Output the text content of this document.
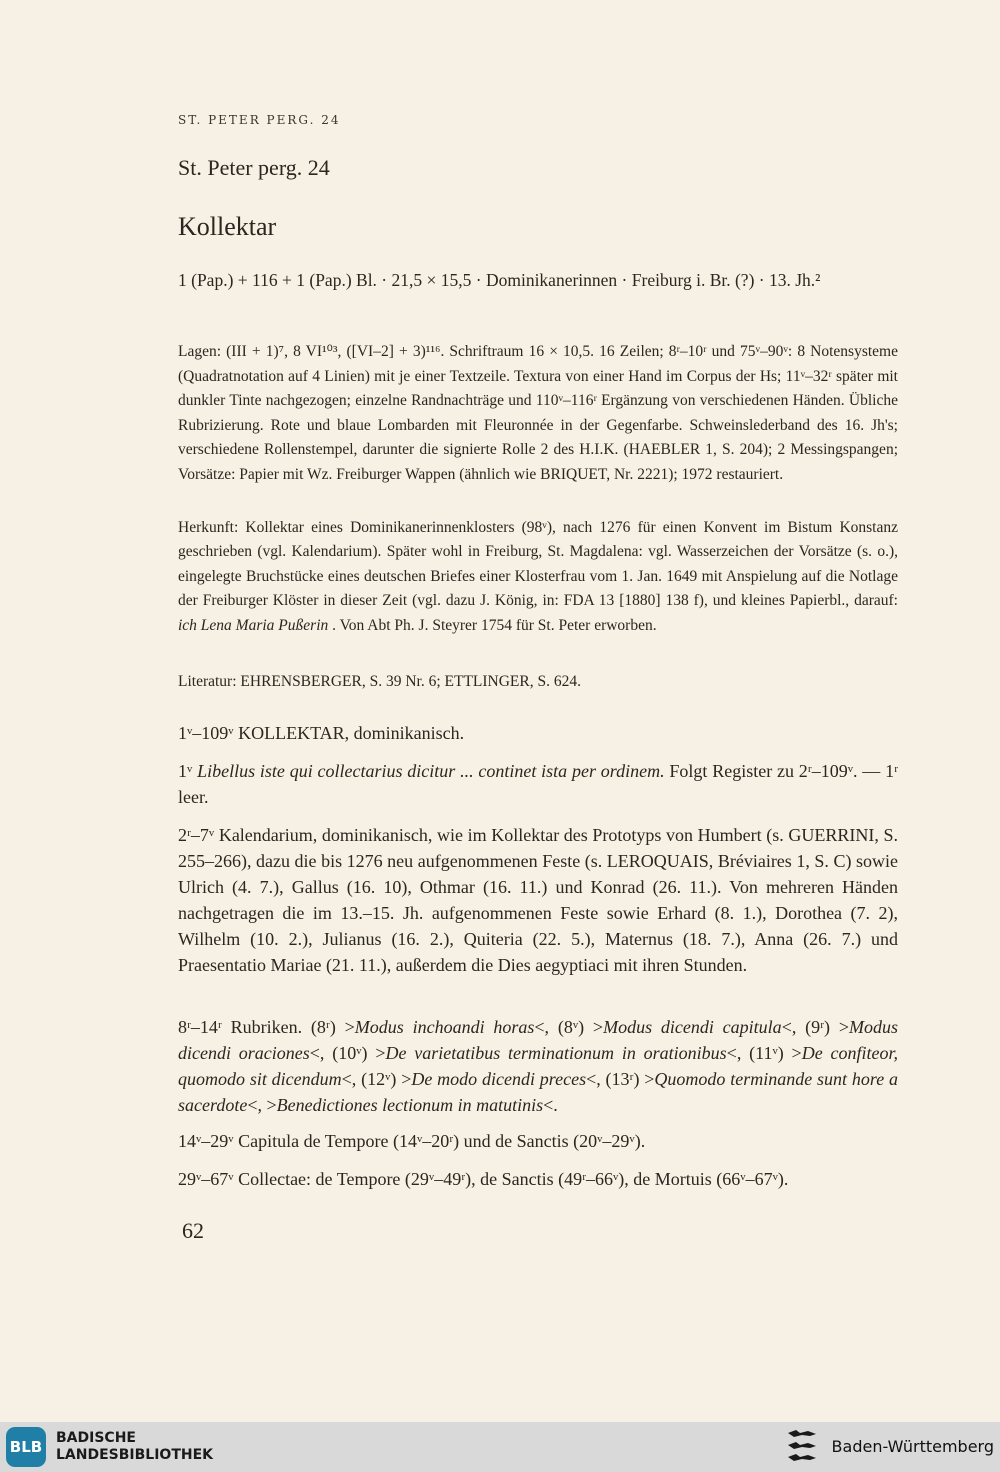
ST. PETER PERG. 24
St. Peter perg. 24
Kollektar
1 (Pap.) + 116 + 1 (Pap.) Bl. · 21,5 × 15,5 · Dominikanerinnen · Freiburg i. Br. (?) · 13. Jh.²
Lagen: (III + 1)⁷, 8 VI¹⁰³, ([VI–2] + 3)¹¹⁶. Schriftraum 16 × 10,5. 16 Zeilen; 8ʳ–10ʳ und 75ᵛ–90ᵛ: 8 Notensysteme (Quadratnotation auf 4 Linien) mit je einer Textzeile. Textura von einer Hand im Corpus der Hs; 11ᵛ–32ʳ später mit dunkler Tinte nachgezogen; einzelne Randnachträge und 110ᵛ–116ʳ Ergänzung von verschiedenen Händen. Übliche Rubrizierung. Rote und blaue Lombarden mit Fleuronnée in der Gegenfarbe. Schweinslederband des 16. Jh's; verschiedene Rollenstempel, darunter die signierte Rolle 2 des H.I.K. (HAEBLER 1, S. 204); 2 Messingspangen; Vorsätze: Papier mit Wz. Freiburger Wappen (ähnlich wie BRIQUET, Nr. 2221); 1972 restauriert.
Herkunft: Kollektar eines Dominikanerinnenklosters (98ᵛ), nach 1276 für einen Konvent im Bistum Konstanz geschrieben (vgl. Kalendarium). Später wohl in Freiburg, St. Magdalena: vgl. Wasserzeichen der Vorsätze (s. o.), eingelegte Bruchstücke eines deutschen Briefes einer Klosterfrau vom 1. Jan. 1649 mit Anspielung auf die Notlage der Freiburger Klöster in dieser Zeit (vgl. dazu J. König, in: FDA 13 [1880] 138 f), und kleines Papierbl., darauf: ich Lena Maria Pußerin . Von Abt Ph. J. Steyrer 1754 für St. Peter erworben.
Literatur: EHRENSBERGER, S. 39 Nr. 6; ETTLINGER, S. 624.
1ᵛ–109ᵛ KOLLEKTAR, dominikanisch.
1ᵛ Libellus iste qui collectarius dicitur ... continet ista per ordinem. Folgt Register zu 2ʳ–109ᵛ. — 1ʳ leer.
2ʳ–7ᵛ Kalendarium, dominikanisch, wie im Kollektar des Prototyps von Humbert (s. GUERRINI, S. 255–266), dazu die bis 1276 neu aufgenommenen Feste (s. LEROQUAIS, Bréviaires 1, S. C) sowie Ulrich (4. 7.), Gallus (16. 10), Othmar (16. 11.) und Konrad (26. 11.). Von mehreren Händen nachgetragen die im 13.–15. Jh. aufgenommenen Feste sowie Erhard (8. 1.), Dorothea (7. 2), Wilhelm (10. 2.), Julianus (16. 2.), Quiteria (22. 5.), Maternus (18. 7.), Anna (26. 7.) und Praesentatio Mariae (21. 11.), außerdem die Dies aegyptiaci mit ihren Stunden.
8ʳ–14ʳ Rubriken. (8ʳ) >Modus inchoandi horas<, (8ᵛ) >Modus dicendi capitula<, (9ʳ) >Modus dicendi oraciones<, (10ᵛ) >De varietatibus terminationum in orationibus<, (11ᵛ) >De confiteor, quomodo sit dicendum<, (12ᵛ) >De modo dicendi preces<, (13ʳ) >Quomodo terminande sunt hore a sacerdote<, >Benedictiones lectionum in matutinis<.
14ᵛ–29ᵛ Capitula de Tempore (14ᵛ–20ʳ) und de Sanctis (20ᵛ–29ᵛ).
29ᵛ–67ᵛ Collectae: de Tempore (29ᵛ–49ʳ), de Sanctis (49ʳ–66ᵛ), de Mortuis (66ᵛ–67ᵛ).
62
BLB BADISCHE
LANDESBIBLIOTHEK	Baden-Württemberg
